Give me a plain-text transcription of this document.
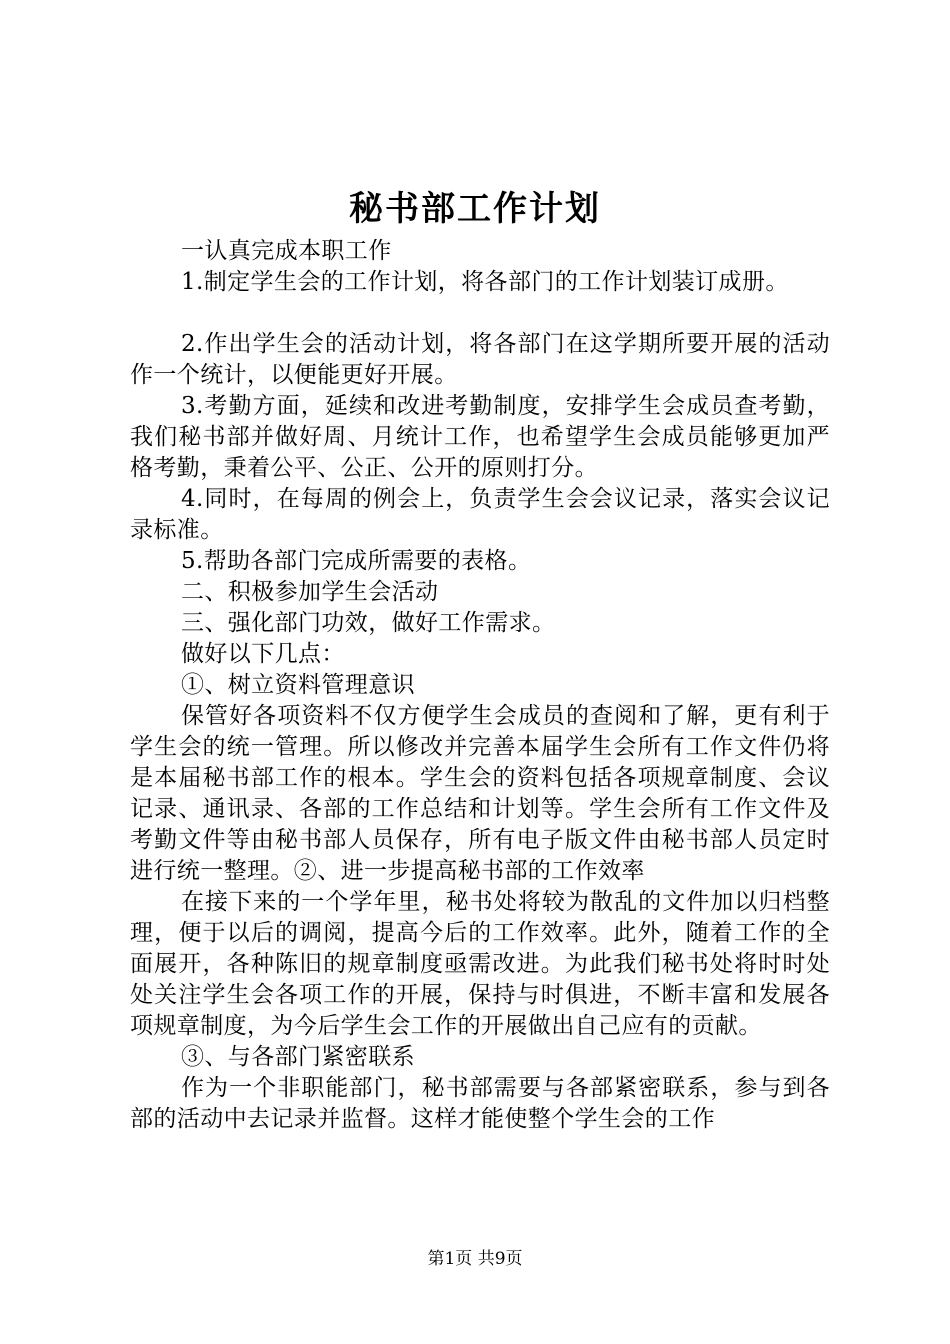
秘书部工作计划

一认真完成本职工作

1.制定学生会的工作计划，将各部门的工作计划装订成册。

2.作出学生会的活动计划，将各部门在这学期所要开展的活动作一个统计，以便能更好开展。

3.考勤方面，延续和改进考勤制度，安排学生会成员查考勤，我们秘书部并做好周、月统计工作，也希望学生会成员能够更加严格考勤，秉着公平、公正、公开的原则打分。

4.同时，在每周的例会上，负责学生会会议记录，落实会议记录标准。

5.帮助各部门完成所需要的表格。

二、积极参加学生会活动

三、强化部门功效，做好工作需求。

做好以下几点：

①、树立资料管理意识

保管好各项资料不仅方便学生会成员的查阅和了解，更有利于学生会的统一管理。所以修改并完善本届学生会所有工作文件仍将是本届秘书部工作的根本。学生会的资料包括各项规章制度、会议记录、通讯录、各部的工作总结和计划等。学生会所有工作文件及考勤文件等由秘书部人员保存，所有电子版文件由秘书部人员定时进行统一整理。②、进一步提高秘书部的工作效率

在接下来的一个学年里，秘书处将较为散乱的文件加以归档整理，便于以后的调阅，提高今后的工作效率。此外，随着工作的全面展开，各种陈旧的规章制度亟需改进。为此我们秘书处将时时处处关注学生会各项工作的开展，保持与时俱进，不断丰富和发展各项规章制度，为今后学生会工作的开展做出自己应有的贡献。

③、与各部门紧密联系

作为一个非职能部门，秘书部需要与各部紧密联系，参与到各部的活动中去记录并监督。这样才能使整个学生会的工作

第1页 共9页
